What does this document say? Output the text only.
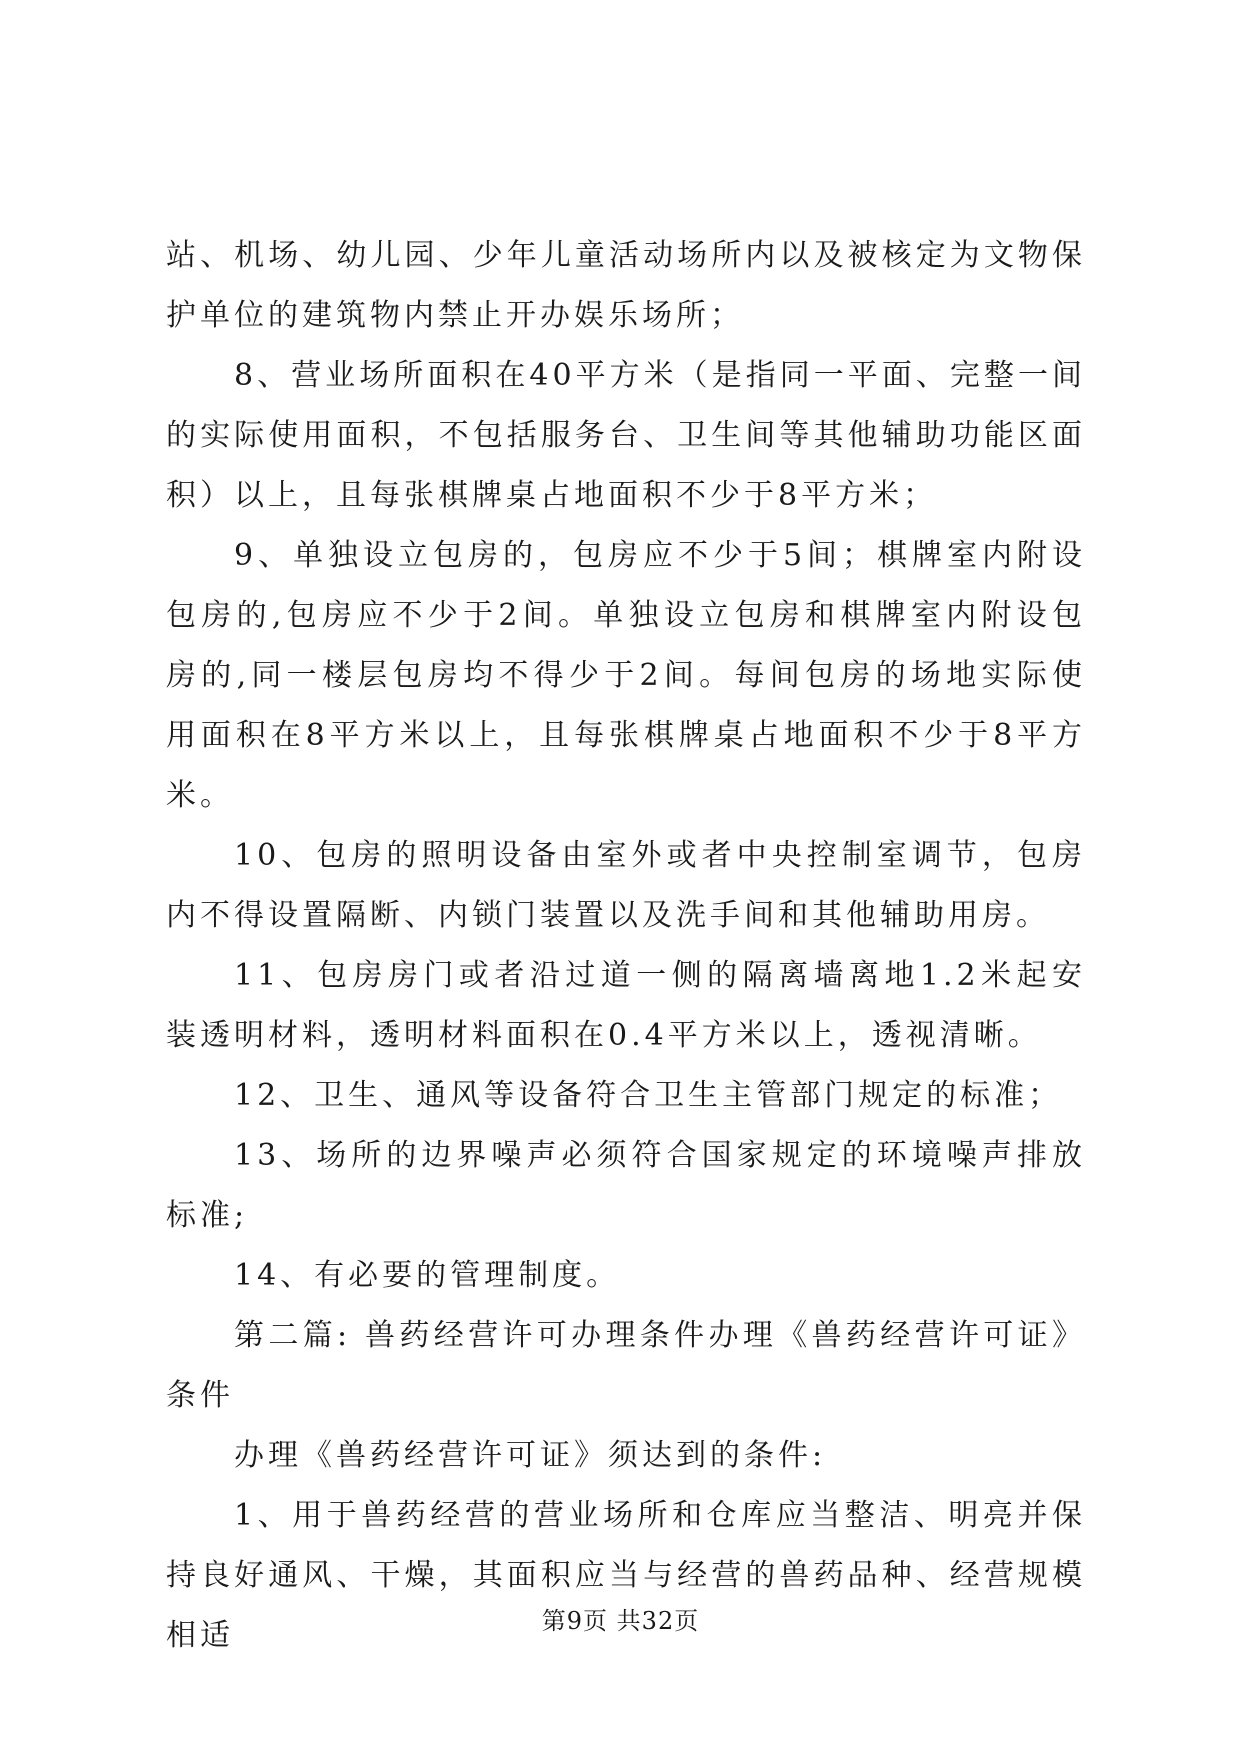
站、机场、幼儿园、少年儿童活动场所内以及被核定为文物保护单位的建筑物内禁止开办娱乐场所；

8、营业场所面积在40平方米（是指同一平面、完整一间的实际使用面积，不包括服务台、卫生间等其他辅助功能区面积）以上，且每张棋牌桌占地面积不少于8平方米；

9、单独设立包房的，包房应不少于5间；棋牌室内附设包房的,包房应不少于2间。单独设立包房和棋牌室内附设包房的,同一楼层包房均不得少于2间。每间包房的场地实际使用面积在8平方米以上，且每张棋牌桌占地面积不少于8平方米。

10、包房的照明设备由室外或者中央控制室调节，包房内不得设置隔断、内锁门装置以及洗手间和其他辅助用房。

11、包房房门或者沿过道一侧的隔离墙离地1.2米起安装透明材料，透明材料面积在0.4平方米以上，透视清晰。

12、卫生、通风等设备符合卫生主管部门规定的标准；

13、场所的边界噪声必须符合国家规定的环境噪声排放标准;

14、有必要的管理制度。

第二篇: 兽药经营许可办理条件办理《兽药经营许可证》条件

办理《兽药经营许可证》须达到的条件:

1、用于兽药经营的营业场所和仓库应当整洁、明亮并保持良好通风、干燥，其面积应当与经营的兽药品种、经营规模相适	第9页 共32页
